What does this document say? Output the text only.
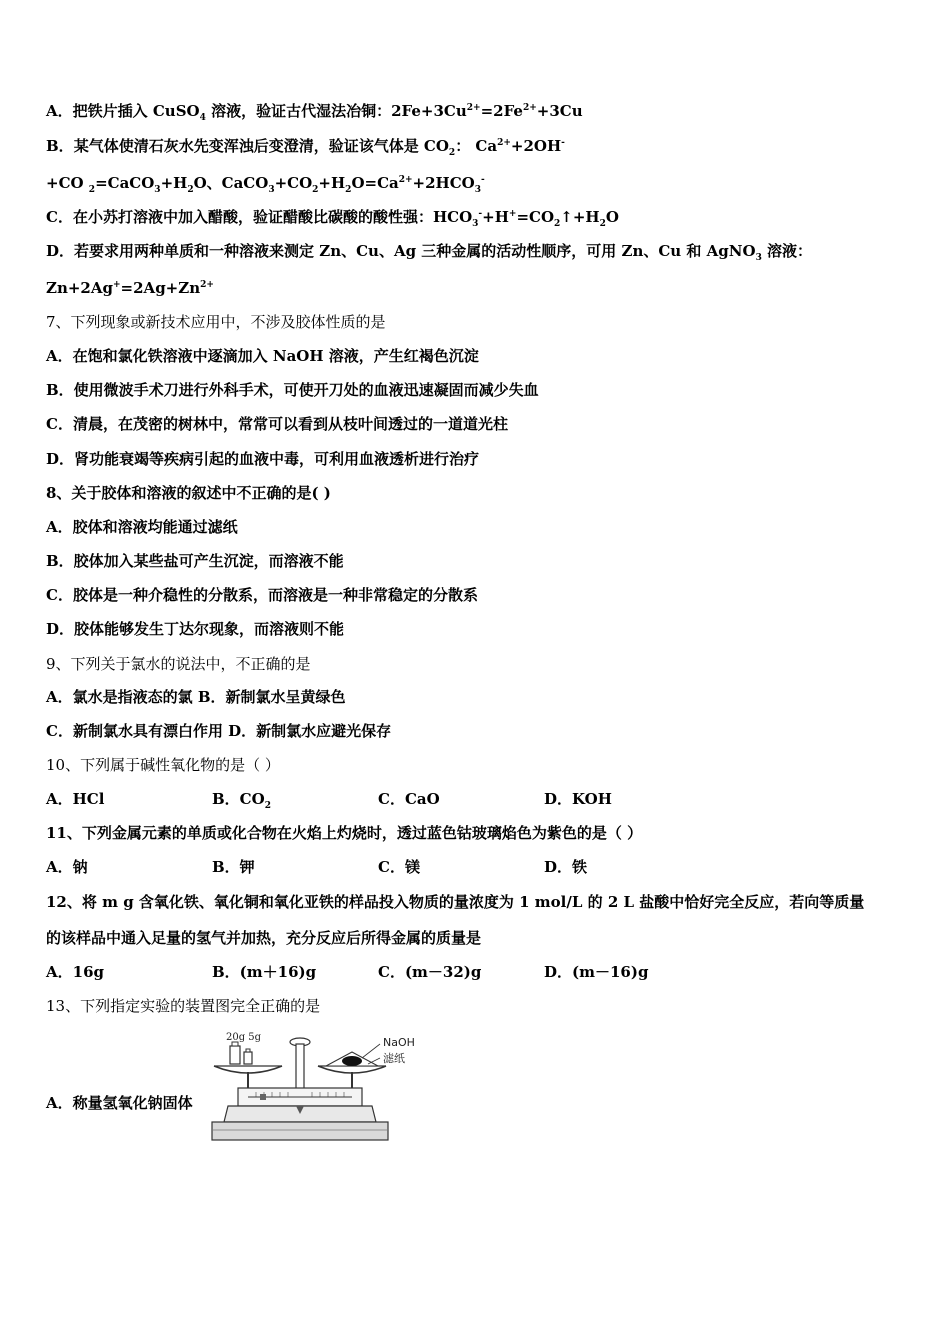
A．把铁片插入 CuSO$_4$ 溶液，验证古代湿法冶铜：$2Fe+3Cu^{2+}=2Fe^{2+}+3Cu$
B．某气体使清石灰水先变浑浊后变澄清，验证该气体是 $CO_2$： $Ca^{2+}+2OH^-$
+CO $_2=CaCO_3+H_2O$、$CaCO_3+CO_2+H_2O=Ca^{2+}+2HCO_3^-$
C．在小苏打溶液中加入醋酸，验证醋酸比碳酸的酸性强：$HCO_3^-+H^+=CO_2↑+H_2O$
D．若要求用两种单质和一种溶液来测定 Zn、Cu、Ag 三种金属的活动性顺序，可用 Zn、Cu 和 AgNO$_3$ 溶液：
$Zn+2Ag^+=2Ag+Zn^{2+}$
7、下列现象或新技术应用中，不涉及胶体性质的是
A．在饱和氯化铁溶液中逐滴加入 NaOH 溶液，产生红褐色沉淀
B．使用微波手术刀进行外科手术，可使开刀处的血液迅速凝固而减少失血
C．清晨，在茂密的树林中，常常可以看到从枝叶间透过的一道道光柱
D．肾功能衰竭等疾病引起的血液中毒，可利用血液透析进行治疗
8、关于胶体和溶液的叙述中不正确的是( )
A．胶体和溶液均能通过滤纸
B．胶体加入某些盐可产生沉淀，而溶液不能
C．胶体是一种介稳性的分散系，而溶液是一种非常稳定的分散系
D．胶体能够发生丁达尔现象，而溶液则不能
9、下列关于氯水的说法中，不正确的是
A．氯水是指液态的氯 B．新制氯水呈黄绿色
C．新制氯水具有漂白作用 D．新制氯水应避光保存
10、下列属于碱性氧化物的是（ ）
A．HCl	B．$CO_2$	C．CaO	D．KOH
11、下列金属元素的单质或化合物在火焰上灼烧时，透过蓝色钴玻璃焰色为紫色的是（ ）
A．钠	B．钾	C．镁	D．铁
12、将 m g 含氧化铁、氧化铜和氧化亚铁的样品投入物质的量浓度为 1 mol/L 的 2 L 盐酸中恰好完全反应，若向等质量
的该样品中通入足量的氢气并加热，充分反应后所得金属的质量是
A．16g	B．(m＋16)g	C．(m－32)g	D．(m－16)g
13、下列指定实验的装置图完全正确的是
A．称量氢氧化钠固体
20g 5g	NaOH
滤纸
